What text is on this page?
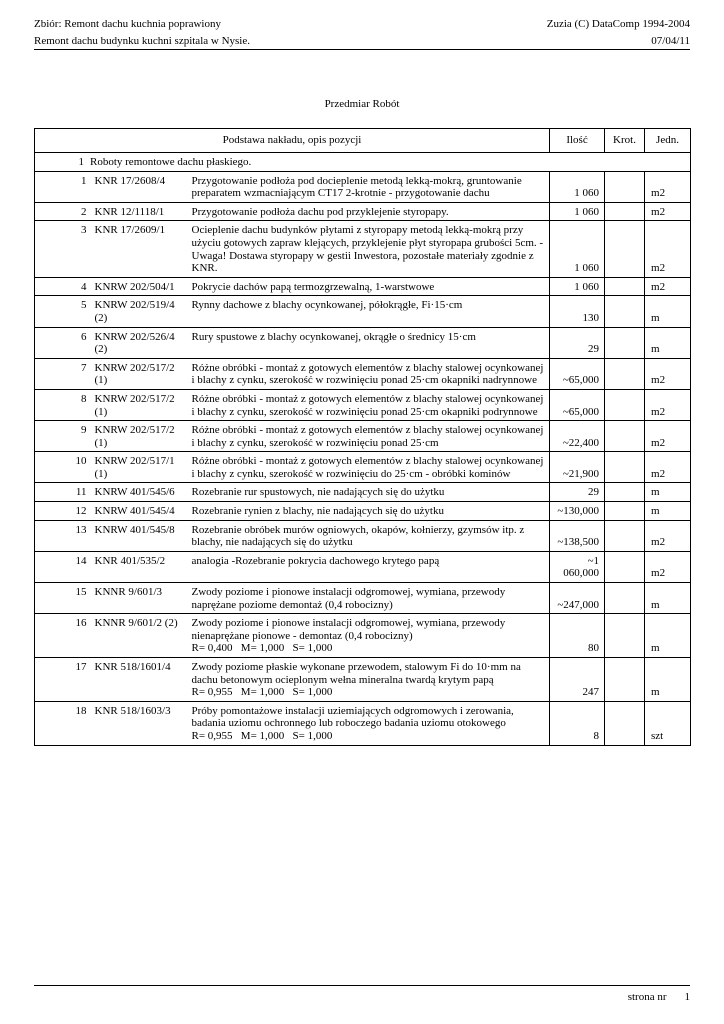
Zbiór: Remont dachu kuchnia poprawiony
Remont dachu budynku kuchni szpitala w Nysie.
Zuzia (C) DataComp 1994-2004
07/04/11
Przedmiar Robót
Podstawa nakładu, opis pozycji			Ilość	Krot.	Jedn.
1 Roboty remontowe dachu płaskiego.					
1	KNR 17/2608/4	Przygotowanie podłoża pod docieplenie metodą lekką-mokrą, gruntowanie preparatem wzmacniającym CT17 2-krotnie - przygotowanie dachu	1 060		m2
2	KNR 12/1118/1	Przygotowanie podłoża dachu pod przyklejenie styropapy.	1 060		m2
3	KNR 17/2609/1	Ocieplenie dachu budynków płytami z styropapy metodą lekką-mokrą przy użyciu gotowych zapraw klejących, przyklejenie płyt styropapa grubości 5cm. - Uwaga! Dostawa styropapy w gestii Inwestora, pozostałe materiały zgodnie z KNR.	1 060		m2
4	KNRW 202/504/1	Pokrycie dachów papą termozgrzewalną, 1-warstwowe	1 060		m2
5	KNRW 202/519/4 (2)	Rynny dachowe z blachy ocynkowanej, półokrągłe, Fi·15·cm	130		m
6	KNRW 202/526/4 (2)	Rury spustowe z blachy ocynkowanej, okrągłe o średnicy 15·cm	29		m
7	KNRW 202/517/2 (1)	Różne obróbki - montaż z gotowych elementów z blachy stalowej ocynkowanej i blachy z cynku, szerokość w rozwinięciu ponad 25·cm okapniki nadrynnowe	~65,000		m2
8	KNRW 202/517/2 (1)	Różne obróbki - montaż z gotowych elementów z blachy stalowej ocynkowanej i blachy z cynku, szerokość w rozwinięciu ponad 25·cm okapniki podrynnowe	~65,000		m2
9	KNRW 202/517/2 (1)	Różne obróbki - montaż z gotowych elementów z blachy stalowej ocynkowanej i blachy z cynku, szerokość w rozwinięciu ponad 25·cm	~22,400		m2
10	KNRW 202/517/1 (1)	Różne obróbki - montaż z gotowych elementów z blachy stalowej ocynkowanej i blachy z cynku, szerokość w rozwinięciu do 25·cm - obróbki kominów	~21,900		m2
11	KNRW 401/545/6	Rozebranie rur spustowych, nie nadających się do użytku	29		m
12	KNRW 401/545/4	Rozebranie rynien z blachy, nie nadających się do użytku	~130,000		m
13	KNRW 401/545/8	Rozebranie obróbek murów ogniowych, okapów, kołnierzy, gzymsów itp. z blachy, nie nadających się do użytku	~138,500		m2
14	KNR 401/535/2	analogia -Rozebranie pokrycia dachowego krytego papą	~1 060,000		m2
15	KNNR 9/601/3	Zwody poziome i pionowe instalacji odgromowej, wymiana, przewody naprężane poziome demontaż (0,4 robocizny)	~247,000		m
16	KNNR 9/601/2 (2)	Zwody poziome i pionowe instalacji odgromowej, wymiana, przewody nienaprężane pionowe - demontaz (0,4 robocizny)
R= 0,400   M= 1,000   S= 1,000	80		m
17	KNR 518/1601/4	Zwody poziome płaskie wykonane przewodem, stalowym Fi do 10·mm na dachu betonowym ocieplonym wełna mineralna twardą krytym papą
R= 0,955   M= 1,000   S= 1,000	247		m
18	KNR 518/1603/3	Próby pomontażowe instalacji uziemiających odgromowych i zerowania, badania uziomu ochronnego lub roboczego badania uziomu otokowego
R= 0,955   M= 1,000   S= 1,000	8		szt
strona nr 1
